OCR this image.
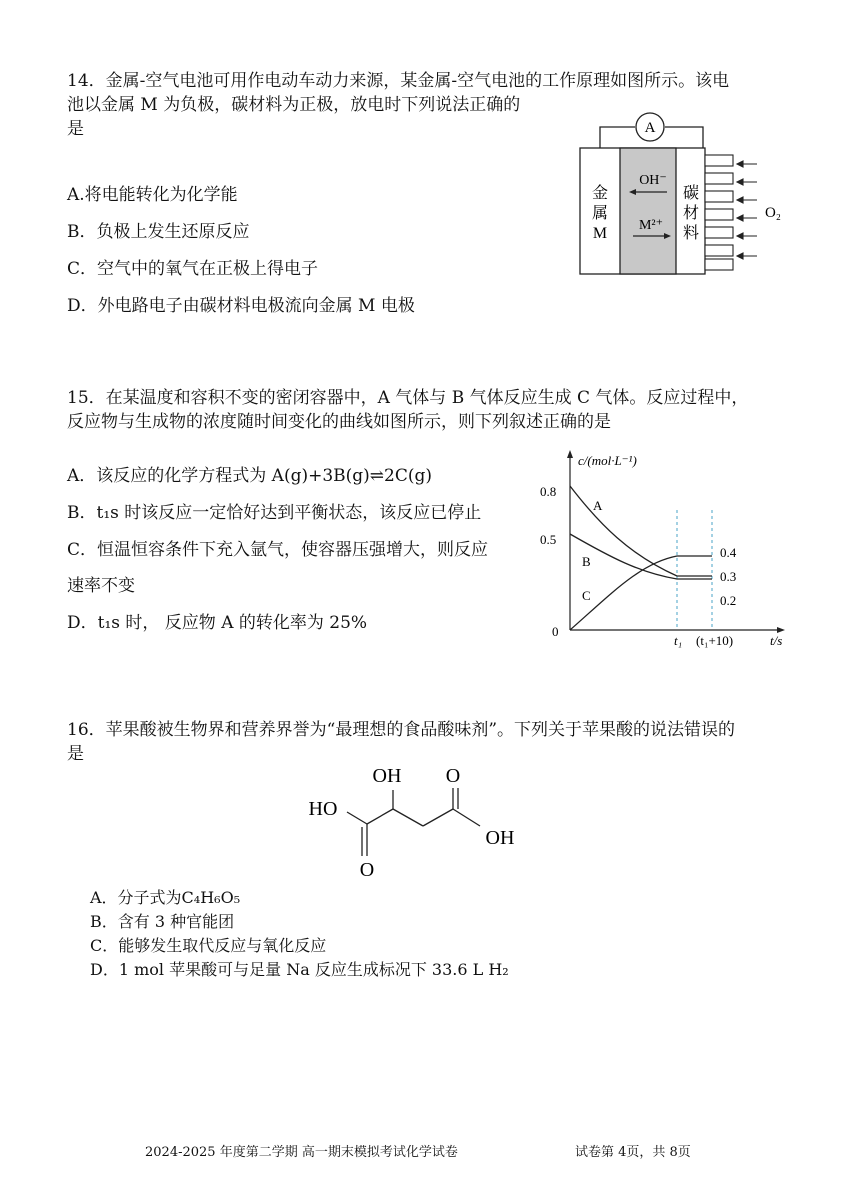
14．金属-空气电池可用作电动车动力来源，某金属-空气电池的工作原理如图所示。该电
池以金属 M 为负极，碳材料为正极，放电时下列说法正确的
是
A.将电能转化为化学能
B．负极上发生还原反应
C．空气中的氧气在正极上得电子
D．外电路电子由碳材料电极流向金属 M 电极
A
金
属
M
碳
材
料
OH⁻
M²⁺
O₂
15．在某温度和容积不变的密闭容器中，A 气体与 B 气体反应生成 C 气体。反应过程中，
反应物与生成物的浓度随时间变化的曲线如图所示，则下列叙述正确的是
A．该反应的化学方程式为 A(g)+3B(g)⇌2C(g)
B．t₁s 时该反应一定恰好达到平衡状态，该反应已停止
C．恒温恒容条件下充入氩气，使容器压强增大，则反应
速率不变
D．t₁s 时， 反应物 A 的转化率为 25%
c/(mol·L⁻¹)
t/s
0.8
0.5
0
A
B
C
0.4
0.3
0.2
t₁ (t₁+10)
16．苹果酸被生物界和营养界誉为“最理想的食品酸味剂”。下列关于苹果酸的说法错误的
是
OH O
HO
OH
O
A．分子式为C₄H₆O₅
B．含有 3 种官能团
C．能够发生取代反应与氧化反应
D．1 mol 苹果酸可与足量 Na 反应生成标况下 33.6 L H₂
2024-2025 年度第二学期 高一期末模拟考试化学试卷	试卷第 4页，共 8页
